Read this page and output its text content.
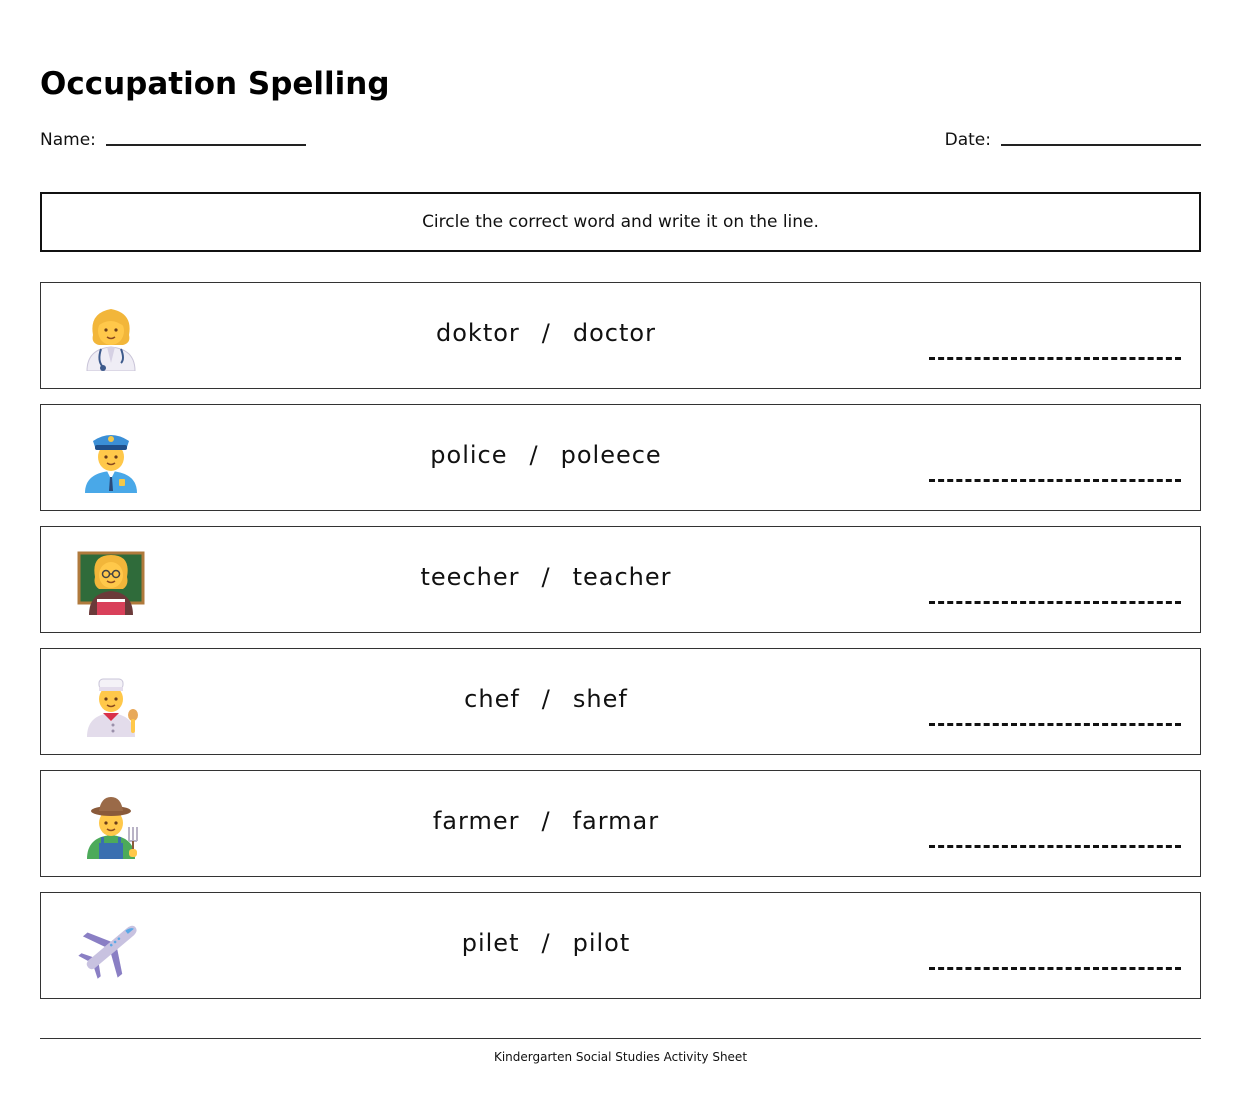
Occupation Spelling
Name:	Date:
Circle the correct word and write it on the line.
doktor / doctor
police / poleece
teecher / teacher
chef / shef
farmer / farmar
pilet / pilot
Kindergarten Social Studies Activity Sheet
